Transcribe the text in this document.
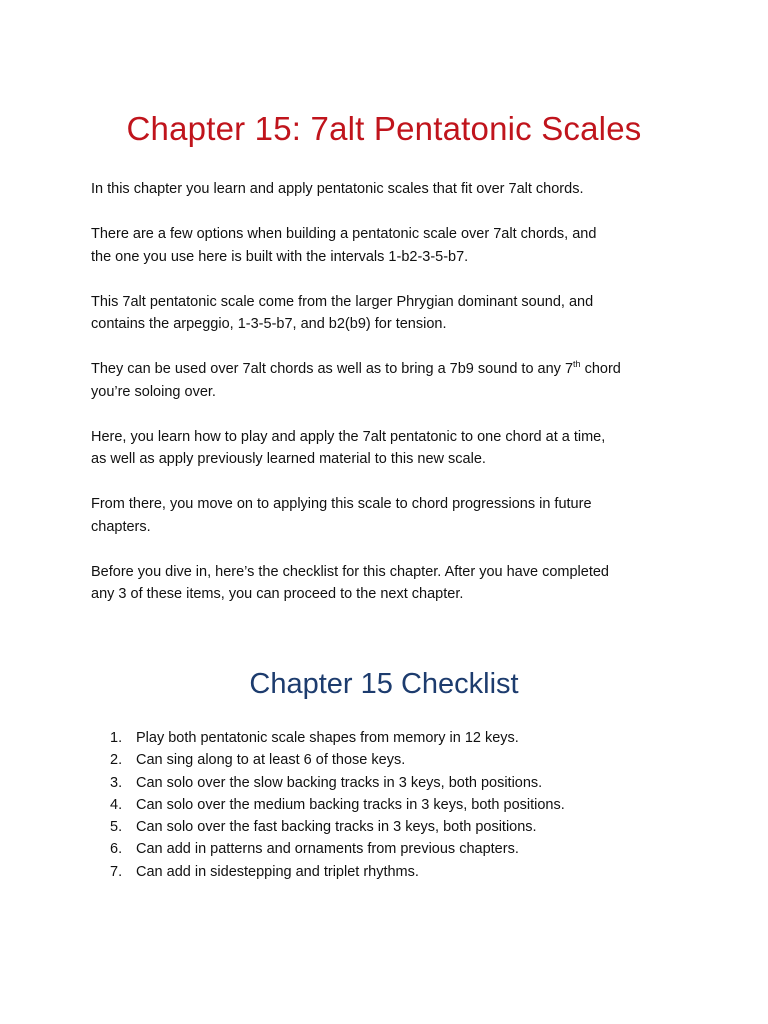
Chapter 15: 7alt Pentatonic Scales

In this chapter you learn and apply pentatonic scales that fit over 7alt chords.

There are a few options when building a pentatonic scale over 7alt chords, and
the one you use here is built with the intervals 1-b2-3-5-b7.

This 7alt pentatonic scale come from the larger Phrygian dominant sound, and
contains the arpeggio, 1-3-5-b7, and b2(b9) for tension.

They can be used over 7alt chords as well as to bring a 7b9 sound to any 7th chord
you’re soloing over.

Here, you learn how to play and apply the 7alt pentatonic to one chord at a time,
as well as apply previously learned material to this new scale.

From there, you move on to applying this scale to chord progressions in future
chapters.

Before you dive in, here’s the checklist for this chapter. After you have completed
any 3 of these items, you can proceed to the next chapter.

Chapter 15 Checklist
1. Play both pentatonic scale shapes from memory in 12 keys.
2. Can sing along to at least 6 of those keys.
3. Can solo over the slow backing tracks in 3 keys, both positions.
4. Can solo over the medium backing tracks in 3 keys, both positions.
5. Can solo over the fast backing tracks in 3 keys, both positions.
6. Can add in patterns and ornaments from previous chapters.
7. Can add in sidestepping and triplet rhythms.
